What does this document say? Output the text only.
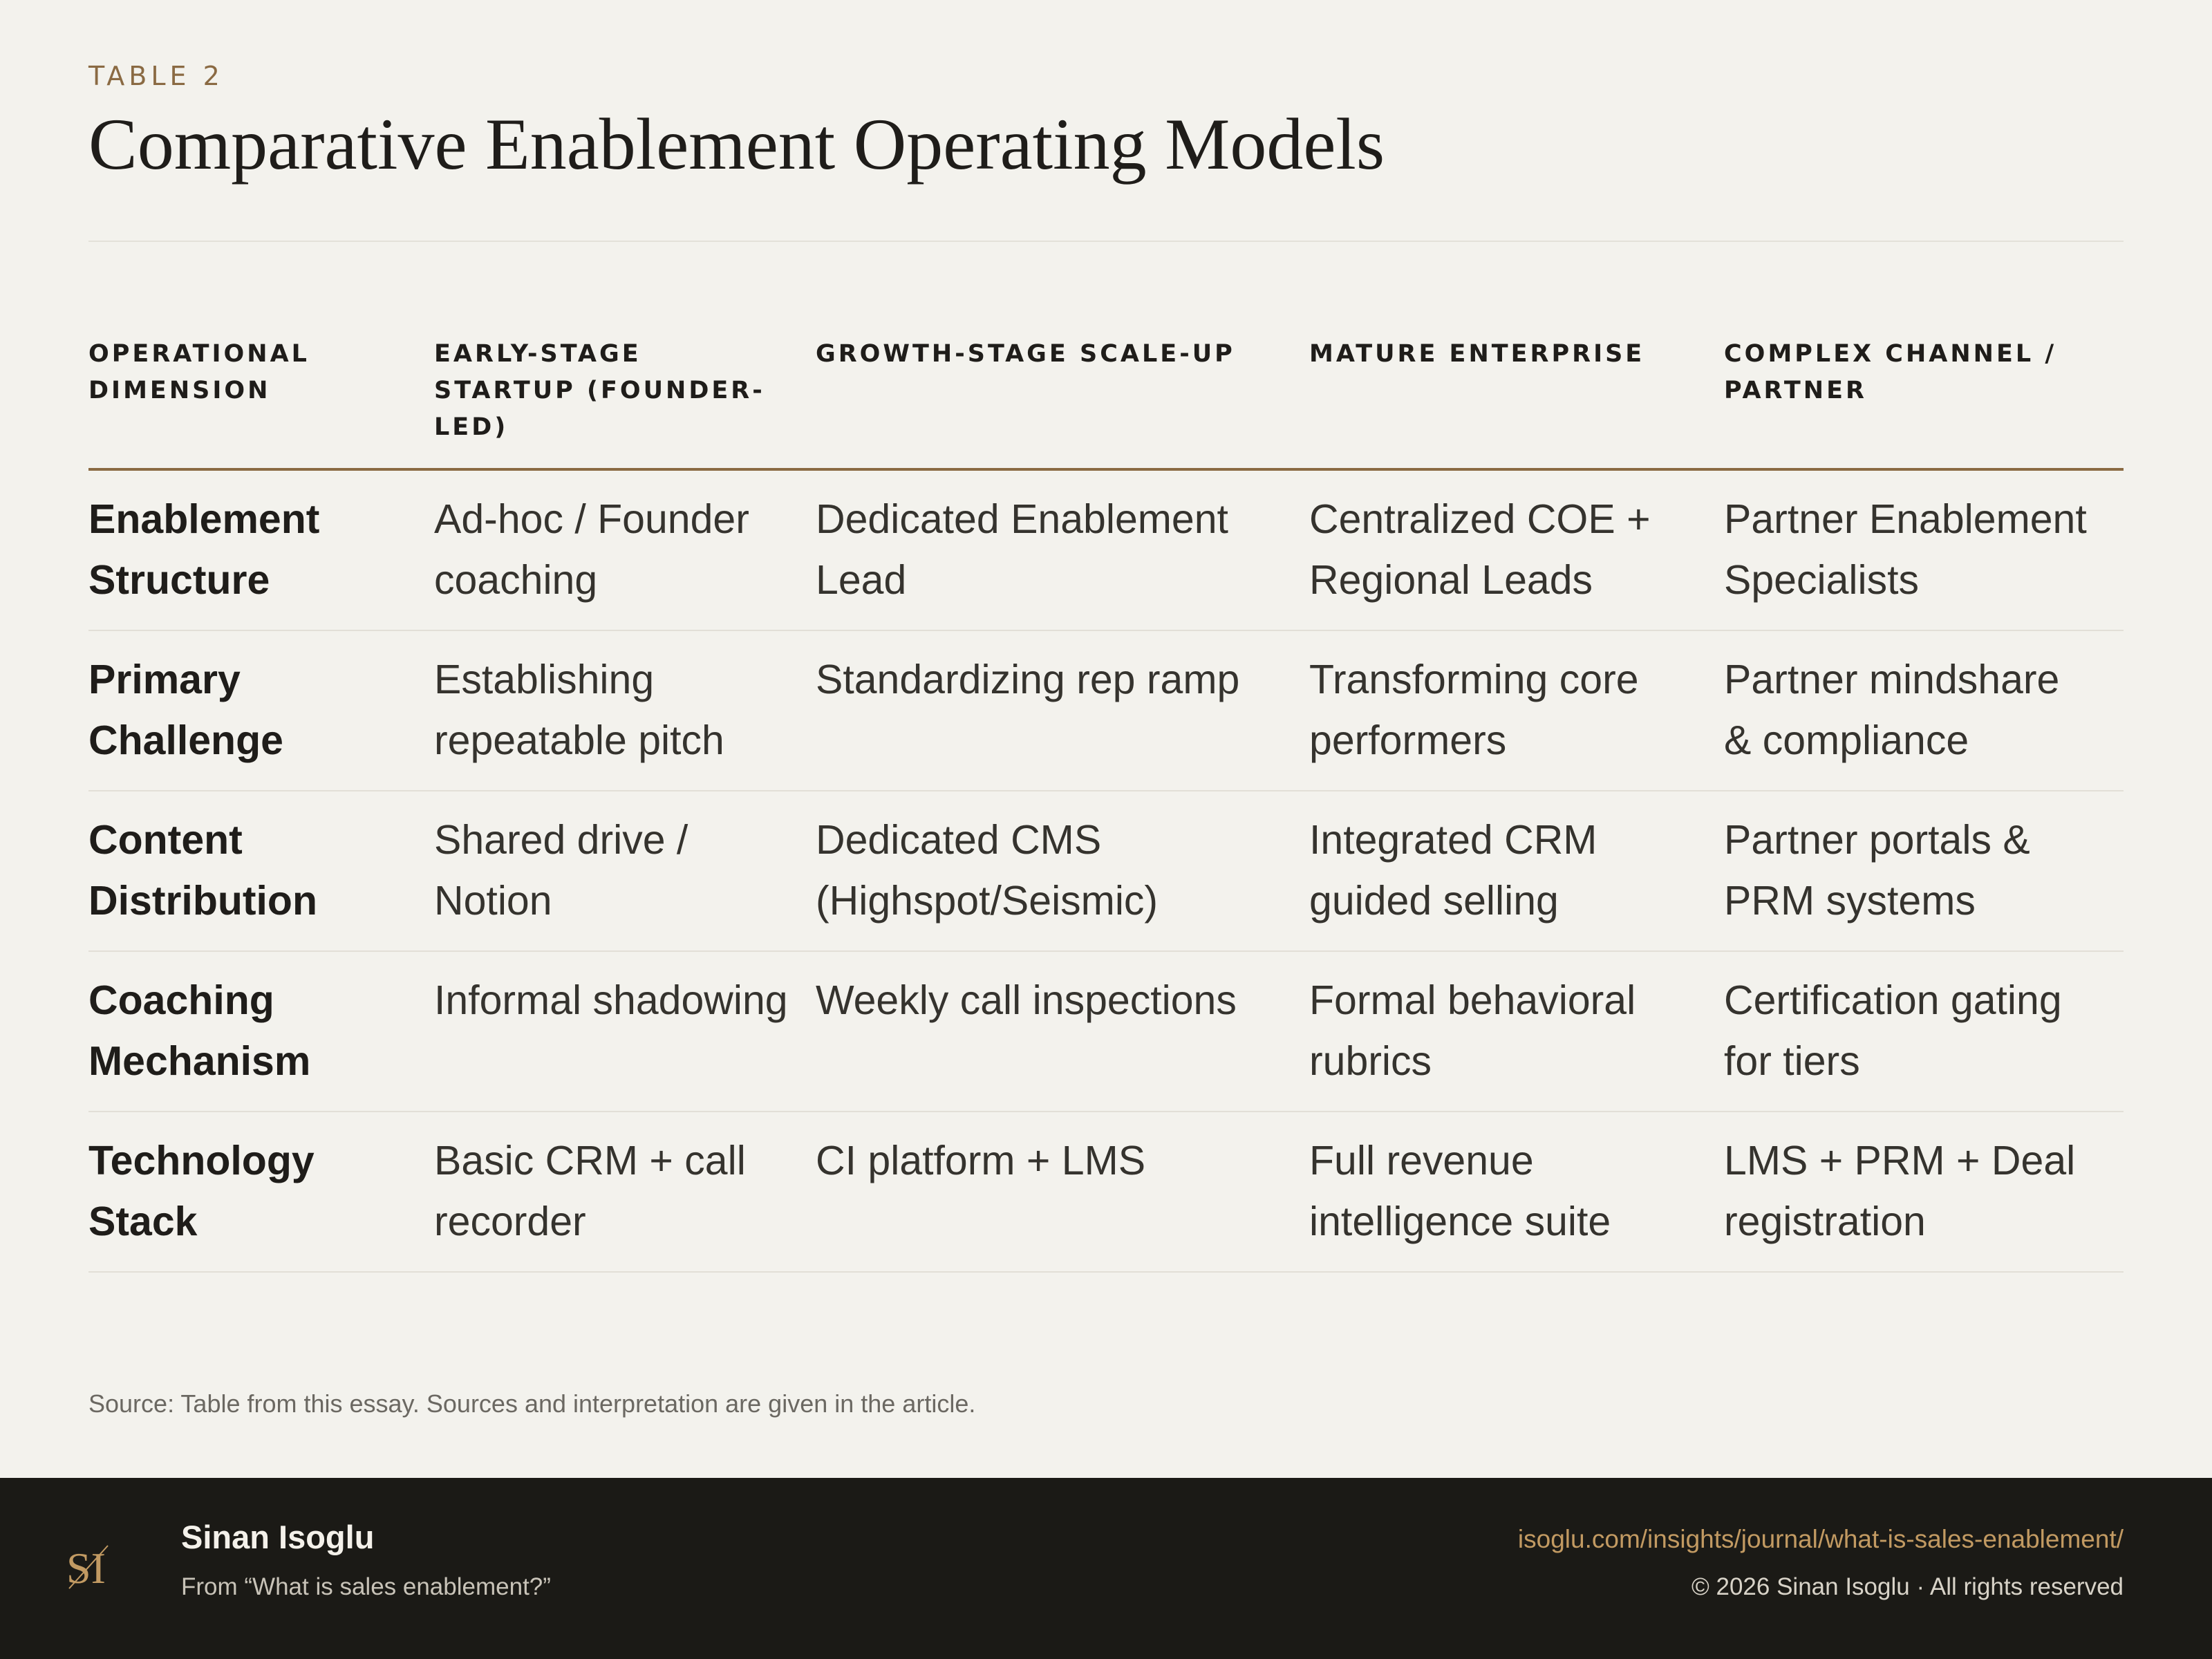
TABLE 2
Comparative Enablement Operating Models
OPERATIONAL DIMENSION	EARLY-STAGE STARTUP (FOUNDER-LED)	GROWTH-STAGE SCALE-UP	MATURE ENTERPRISE	COMPLEX CHANNEL / PARTNER
Enablement Structure	Ad-hoc / Founder coaching	Dedicated Enablement Lead	Centralized COE + Regional Leads	Partner Enablement Specialists
Primary Challenge	Establishing repeatable pitch	Standardizing rep ramp	Transforming core performers	Partner mindshare & compliance
Content Distribution	Shared drive / Notion	Dedicated CMS (Highspot/Seismic)	Integrated CRM guided selling	Partner portals & PRM systems
Coaching Mechanism	Informal shadowing	Weekly call inspections	Formal behavioral rubrics	Certification gating for tiers
Technology Stack	Basic CRM + call recorder	CI platform + LMS	Full revenue intelligence suite	LMS + PRM + Deal registration
Source: Table from this essay. Sources and interpretation are given in the article.
SI
Sinan Isoglu
From “What is sales enablement?”
isoglu.com/insights/journal/what-is-sales-enablement/
© 2026 Sinan Isoglu · All rights reserved
